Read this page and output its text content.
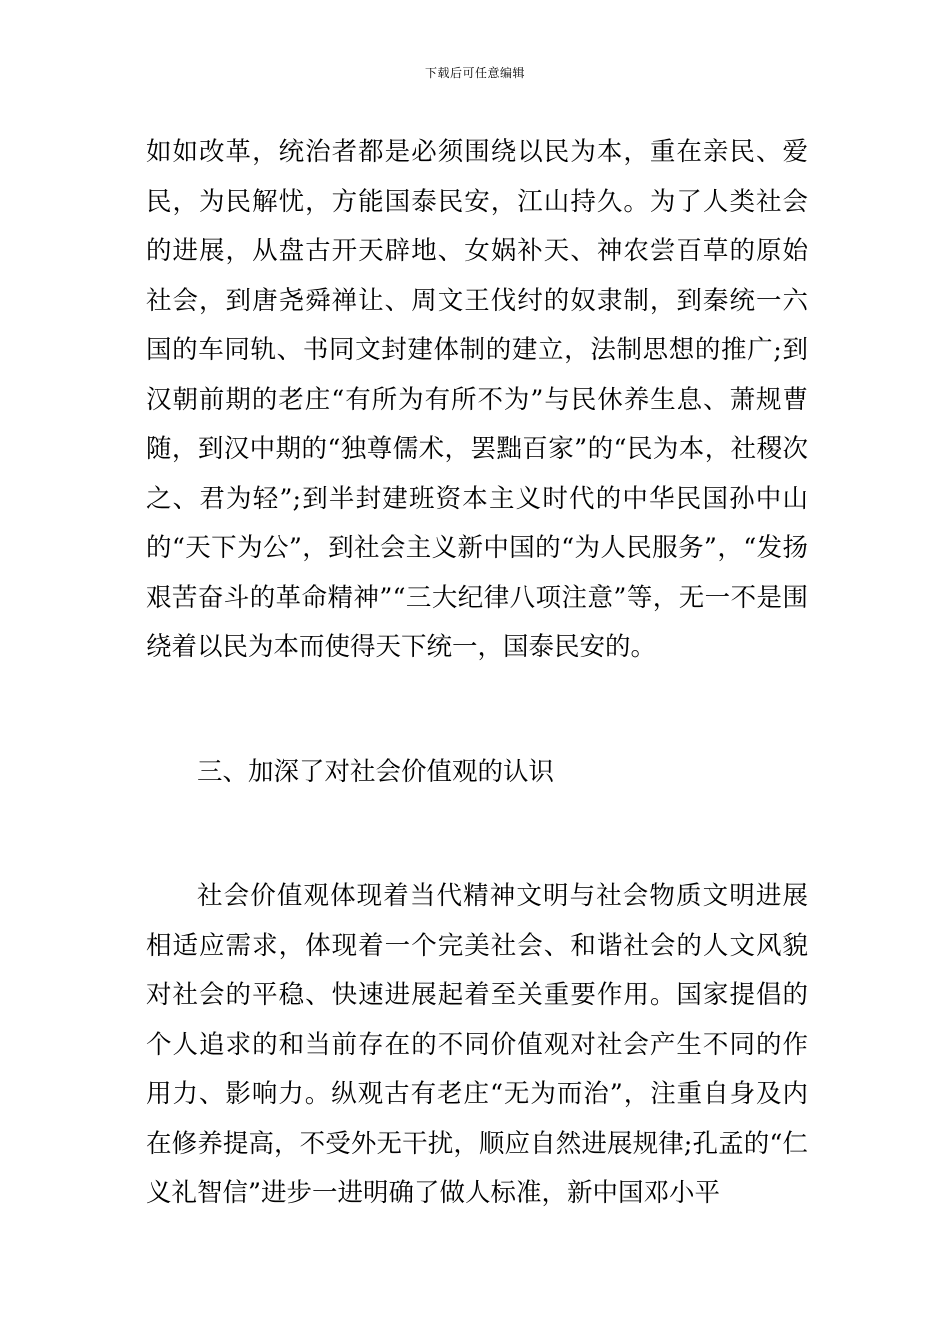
下载后可任意编辑

如如改革，统治者都是必须围绕以民为本，重在亲民、爱民，为民解忧，方能国泰民安，江山持久。为了人类社会的进展，从盘古开天辟地、女娲补天、神农尝百草的原始社会，到唐尧舜禅让、周文王伐纣的奴隶制，到秦统一六国的车同轨、书同文封建体制的建立，法制思想的推广;到汉朝前期的老庄“有所为有所不为”与民休养生息、萧规曹随，到汉中期的“独尊儒术，罢黜百家”的“民为本，社稷次之、君为轻”;到半封建班资本主义时代的中华民国孙中山的“天下为公”，到社会主义新中国的“为人民服务”，“发扬艰苦奋斗的革命精神”“三大纪律八项注意”等，无一不是围绕着以民为本而使得天下统一，国泰民安的。

三、加深了对社会价值观的认识

社会价值观体现着当代精神文明与社会物质文明进展相适应需求，体现着一个完美社会、和谐社会的人文风貌对社会的平稳、快速进展起着至关重要作用。国家提倡的个人追求的和当前存在的不同价值观对社会产生不同的作用力、影响力。纵观古有老庄“无为而治”，注重自身及内在修养提高，不受外无干扰，顺应自然进展规律;孔孟的“仁义礼智信”进步一进明确了做人标准，新中国邓小平
